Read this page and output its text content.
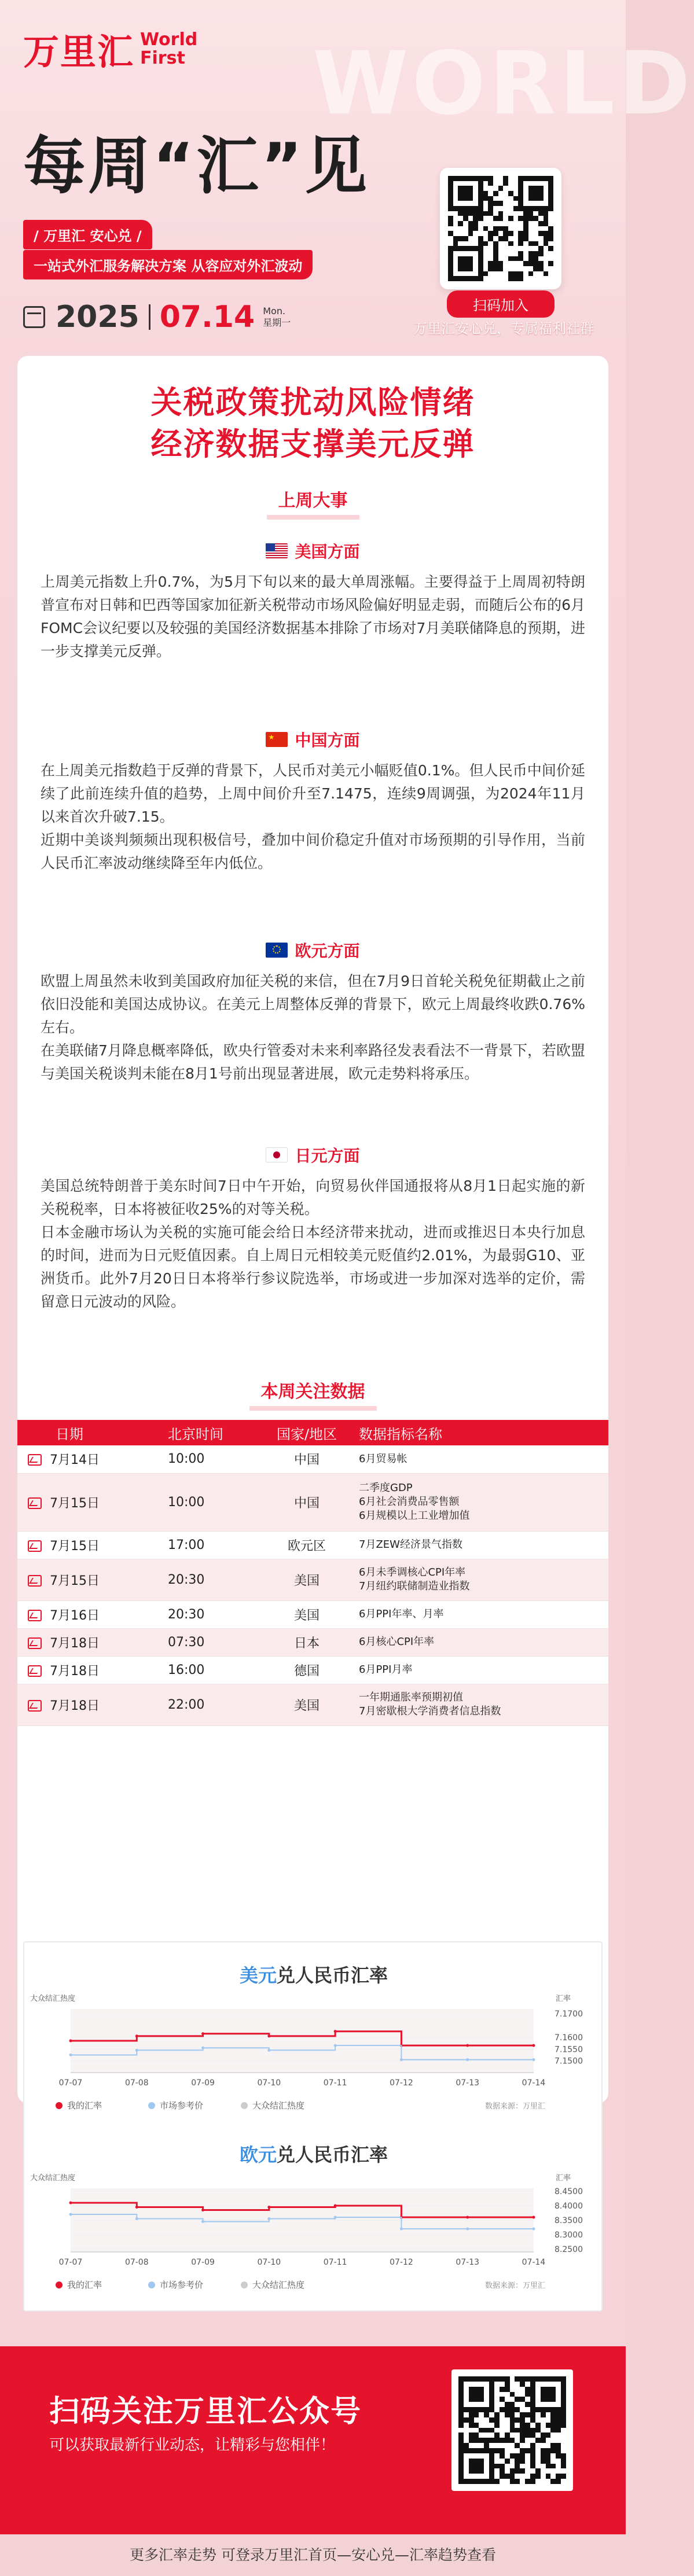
WORLD
万里汇 World
First
每周“汇”见
/ 万里汇 安心兑 /
一站式外汇服务解决方案 从容应对外汇波动
2025 07.14 Mon.
星期一
扫码加入
万里汇安心兑，专属福利社群
关税政策扰动风险情绪
经济数据支撑美元反弹
上周大事
美国方面

上周美元指数上升0.7%，为5月下旬以来的最大单周涨幅。主要得益于上周周初特朗普宣布对日韩和巴西等国家加征新关税带动市场风险偏好明显走弱，而随后公布的6月FOMC会议纪要以及较强的美国经济数据基本排除了市场对7月美联储降息的预期，进一步支撑美元反弹。

★ 中国方面

在上周美元指数趋于反弹的背景下，人民币对美元小幅贬值0.1%。但人民币中间价延续了此前连续升值的趋势，上周中间价升至7.1475，连续9周调强，为2024年11月以来首次升破7.15。

近期中美谈判频频出现积极信号，叠加中间价稳定升值对市场预期的引导作用，当前人民币汇率波动继续降至年内低位。

欧元方面

欧盟上周虽然未收到美国政府加征关税的来信，但在7月9日首轮关税免征期截止之前依旧没能和美国达成协议。在美元上周整体反弹的背景下，欧元上周最终收跌0.76%左右。

在美联储7月降息概率降低，欧央行管委对未来利率路径发表看法不一背景下，若欧盟与美国关税谈判未能在8月1号前出现显著进展，欧元走势料将承压。

日元方面

美国总统特朗普于美东时间7日中午开始，向贸易伙伴国通报将从8月1日起实施的新关税税率，日本将被征收25%的对等关税。

日本金融市场认为关税的实施可能会给日本经济带来扰动，进而或推迟日本央行加息的时间，进而为日元贬值因素。自上周日元相较美元贬值约2.01%，为最弱G10、亚洲货币。此外7月20日日本将举行参议院选举，市场或进一步加深对选举的定价，需留意日元波动的风险。

本周关注数据
日期	北京时间	国家/地区	数据指标名称
7月14日	10:00	中国	6月贸易帐

7月15日	10:00	中国	二季度GDP
6月社会消费品零售额
6月规模以上工业增加值

7月15日	17:00	欧元区	7月ZEW经济景气指数

7月15日	20:30	美国	6月未季调核心CPI年率
7月纽约联储制造业指数

7月16日	20:30	美国	6月PPI年率、月率

7月18日	07:30	日本	6月核心CPI年率

7月18日	16:00	德国	6月PPI月率

7月18日	22:00	美国	一年期通胀率预期初值
7月密歇根大学消费者信息指数
美元兑人民币汇率
大众结汇热度	汇率
7.1700
7.1600
7.1550
7.1500
07-07	07-08	07-09	07-10	07-11	07-12	07-13	07-14
我的汇率	市场参考价	大众结汇热度	数据来源：万里汇
欧元兑人民币汇率
大众结汇热度	汇率
8.4500
8.4000
8.3500
8.3000
8.2500
07-07	07-08	07-09	07-10	07-11	07-12	07-13	07-14
我的汇率	市场参考价	大众结汇热度	数据来源：万里汇
扫码关注万里汇公众号
可以获取最新行业动态，让精彩与您相伴！
更多汇率走势 可登录万里汇首页—安心兑—汇率趋势查看
